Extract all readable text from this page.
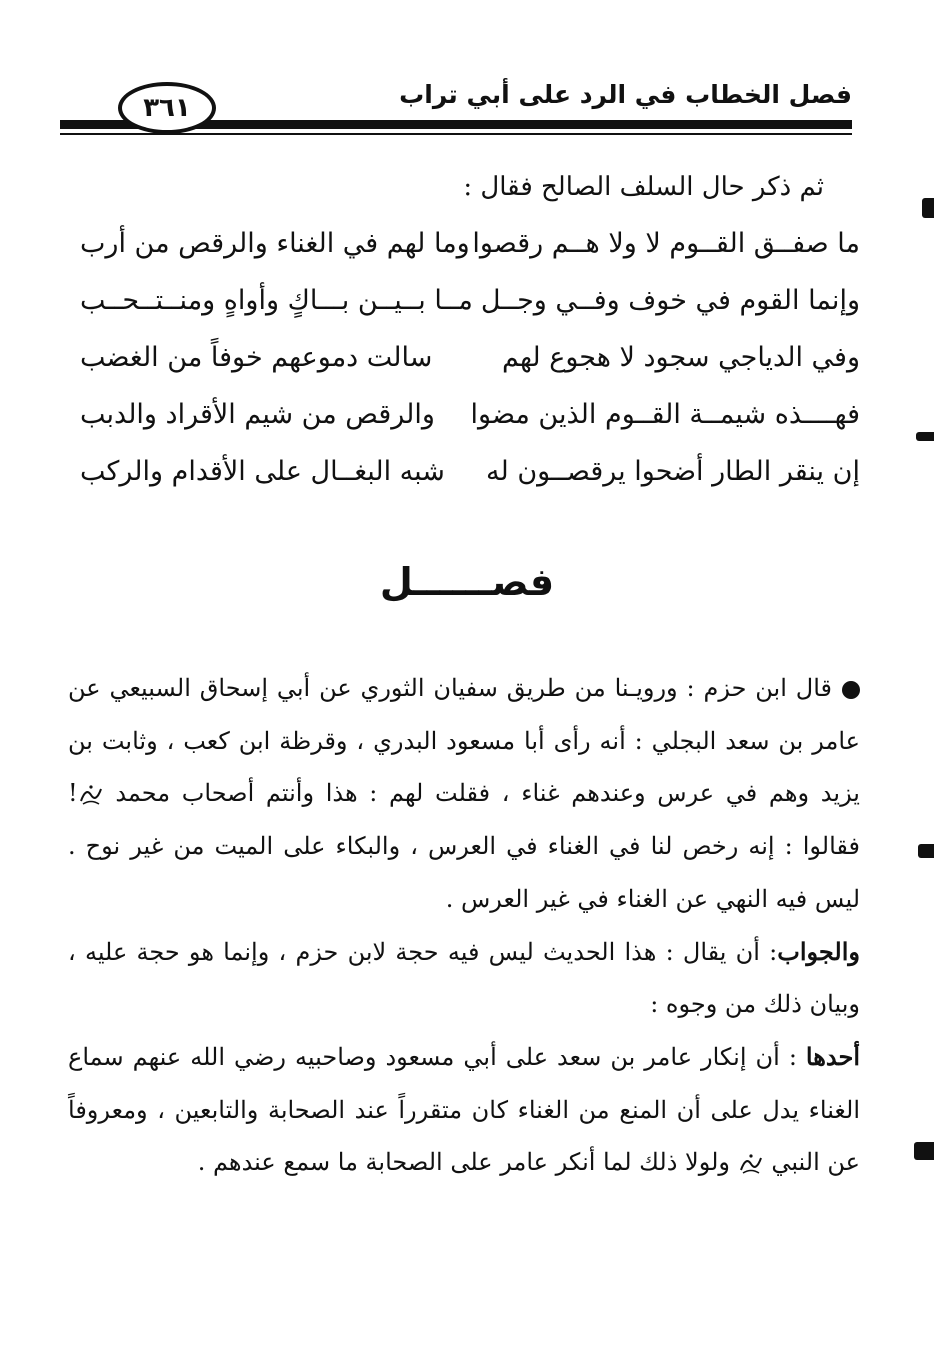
فصل الخطاب في الرد على أبي تراب
٣٦١
ثم ذكر حال السلف الصالح فقال :
ما صفــق القــوم لا ولا هــم رقصوا
وما لهم في الغناء والرقص من أرب
وإنما القوم في خوف وفــي وجــل
مــا بــيــن بـــاكٍ وأواهٍ ومنــتــحــب
وفي الدياجي سجود لا هجوع لهم
سالت دموعهم خوفاً من الغضب
فهــــذه شيمــة القــوم الذين مضوا
والرقص من شيم الأقراد والدبب
إن ينقر الطار أضحوا يرقصــون له
شبه البغــال على الأقدام والركب
فصــــــل

قال ابن حزم : ورويـنا من طريق سفيان الثوري عن أبي إسحاق السبيعي عن عامر بن سعد البجلي : أنه رأى أبا مسعود البدري ، وقرظة ابن كعب ، وثابت بن يزيد وهم في عرس وعندهم غناء ، فقلت لهم : هذا وأنتم أصحاب محمد ! فقالوا : إنه رخص لنا في الغناء في العرس ، والبكاء على الميت من غير نوح . ليس فيه النهي عن الغناء في غير العرس .

والجواب: أن يقال : هذا الحديث ليس فيه حجة لابن حزم ، وإنما هو حجة عليه ، وبيان ذلك من وجوه :

أحدها : أن إنكار عامر بن سعد على أبي مسعود وصاحبيه رضي الله عنهم سماع الغناء يدل على أن المنع من الغناء كان متقرراً عند الصحابة والتابعين ، ومعروفاً عن النبي  ولولا ذلك لما أنكر عامر على الصحابة ما سمع عندهم .
